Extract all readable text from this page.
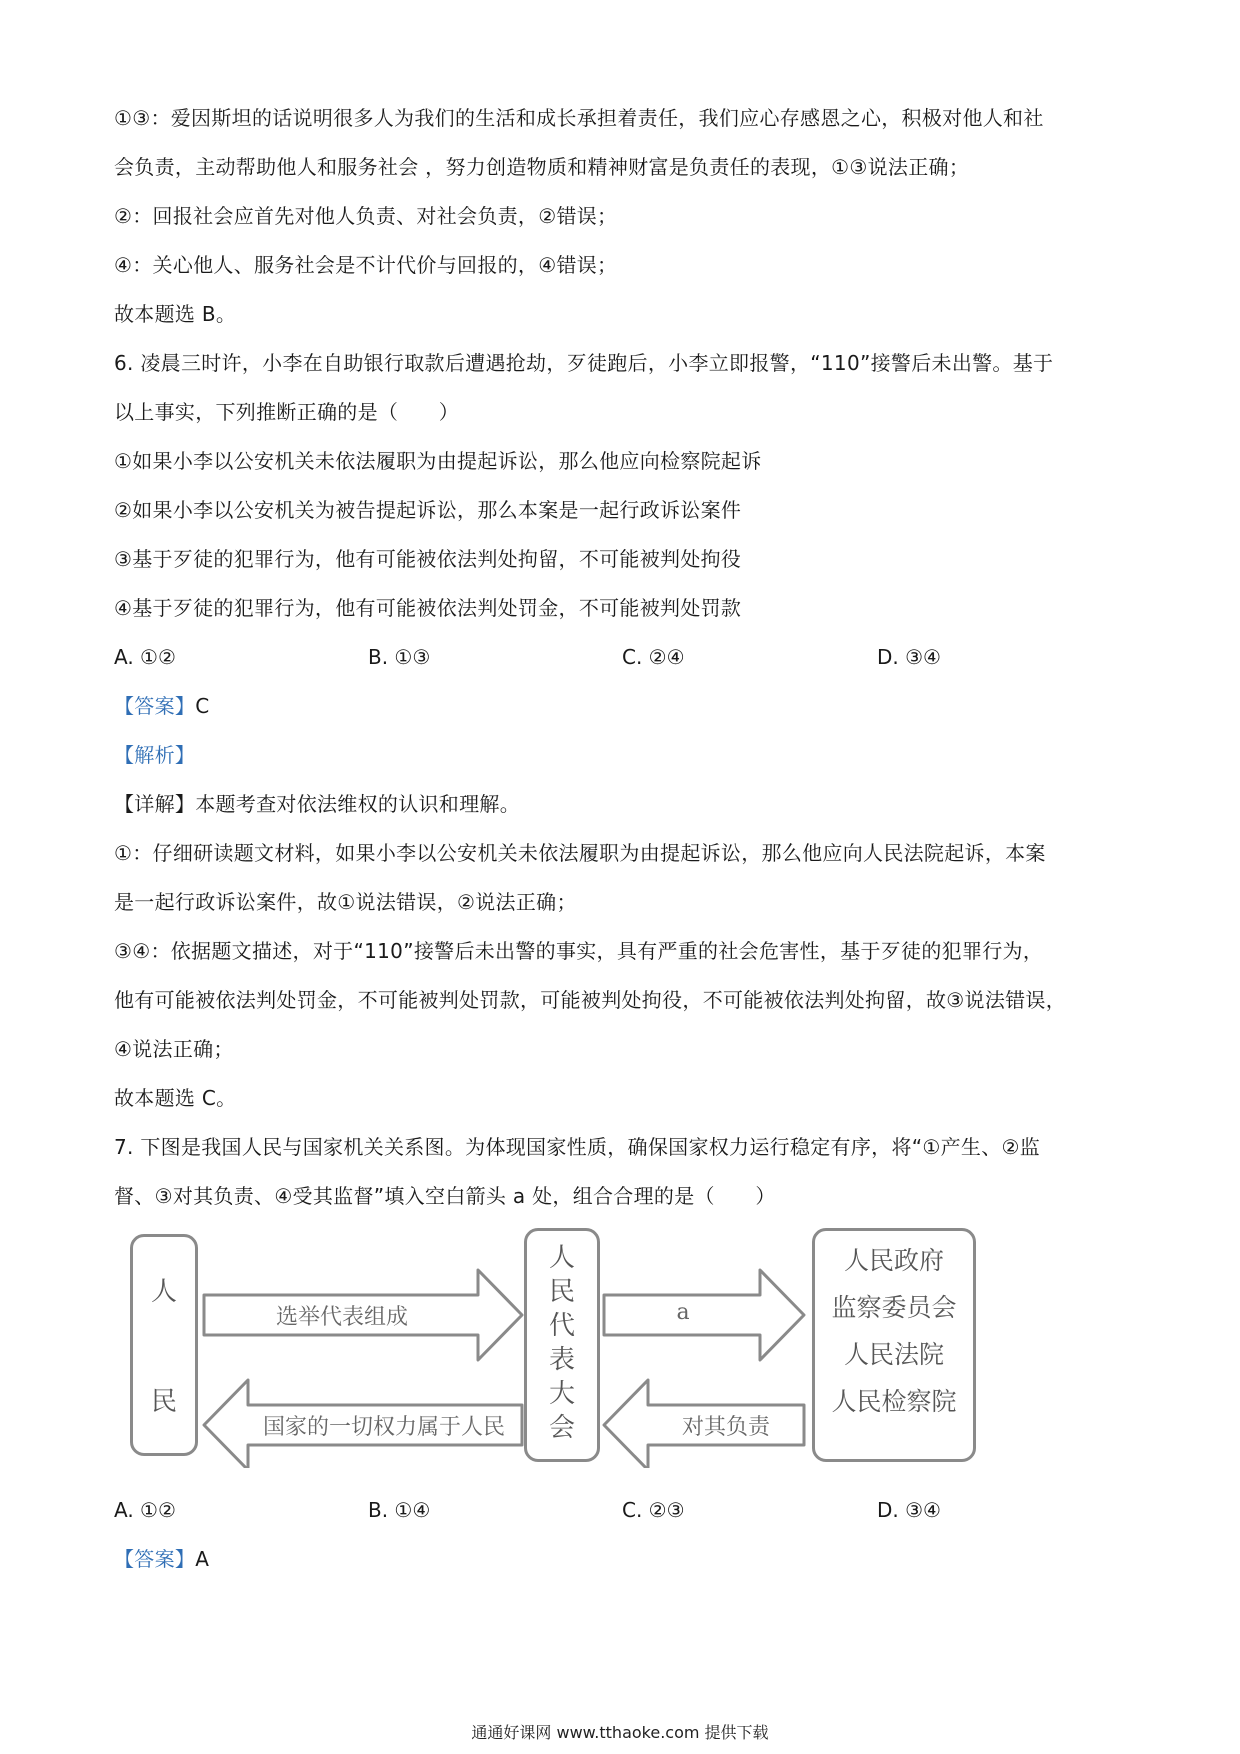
①③：爱因斯坦的话说明很多人为我们的生活和成长承担着责任，我们应心存感恩之心，积极对他人和社
会负责，主动帮助他人和服务社会 ，努力创造物质和精神财富是负责任的表现，①③说法正确；
②：回报社会应首先对他人负责、对社会负责，②错误；
④：关心他人、服务社会是不计代价与回报的，④错误；
故本题选 B。
6. 凌晨三时许，小李在自助银行取款后遭遇抢劫，歹徒跑后，小李立即报警，“110”接警后未出警。基于
以上事实，下列推断正确的是（　　）
①如果小李以公安机关未依法履职为由提起诉讼，那么他应向检察院起诉
②如果小李以公安机关为被告提起诉讼，那么本案是一起行政诉讼案件
③基于歹徒的犯罪行为，他有可能被依法判处拘留，不可能被判处拘役
④基于歹徒的犯罪行为，他有可能被依法判处罚金，不可能被判处罚款
A. ①②	B. ①③	C. ②④	D. ③④
【答案】C
【解析】
【详解】本题考查对依法维权的认识和理解。
①：仔细研读题文材料，如果小李以公安机关未依法履职为由提起诉讼，那么他应向人民法院起诉，本案
是一起行政诉讼案件，故①说法错误，②说法正确；
③④：依据题文描述，对于“110”接警后未出警的事实，具有严重的社会危害性，基于歹徒的犯罪行为，
他有可能被依法判处罚金，不可能被判处罚款，可能被判处拘役，不可能被依法判处拘留，故③说法错误，
④说法正确；
故本题选 C。
7. 下图是我国人民与国家机关关系图。为体现国家性质，确保国家权力运行稳定有序，将“①产生、②监
督、③对其负责、④受其监督”填入空白箭头 a 处，组合合理的是（　　）
选举代表组成
国家的一切权力属于人民
a
对其负责
人
民
人
民
代
表
大
会
人民政府
监察委员会
人民法院
人民检察院
A. ①②	B. ①④	C. ②③	D. ③④
【答案】A
通通好课网 www.tthaoke.com 提供下载
